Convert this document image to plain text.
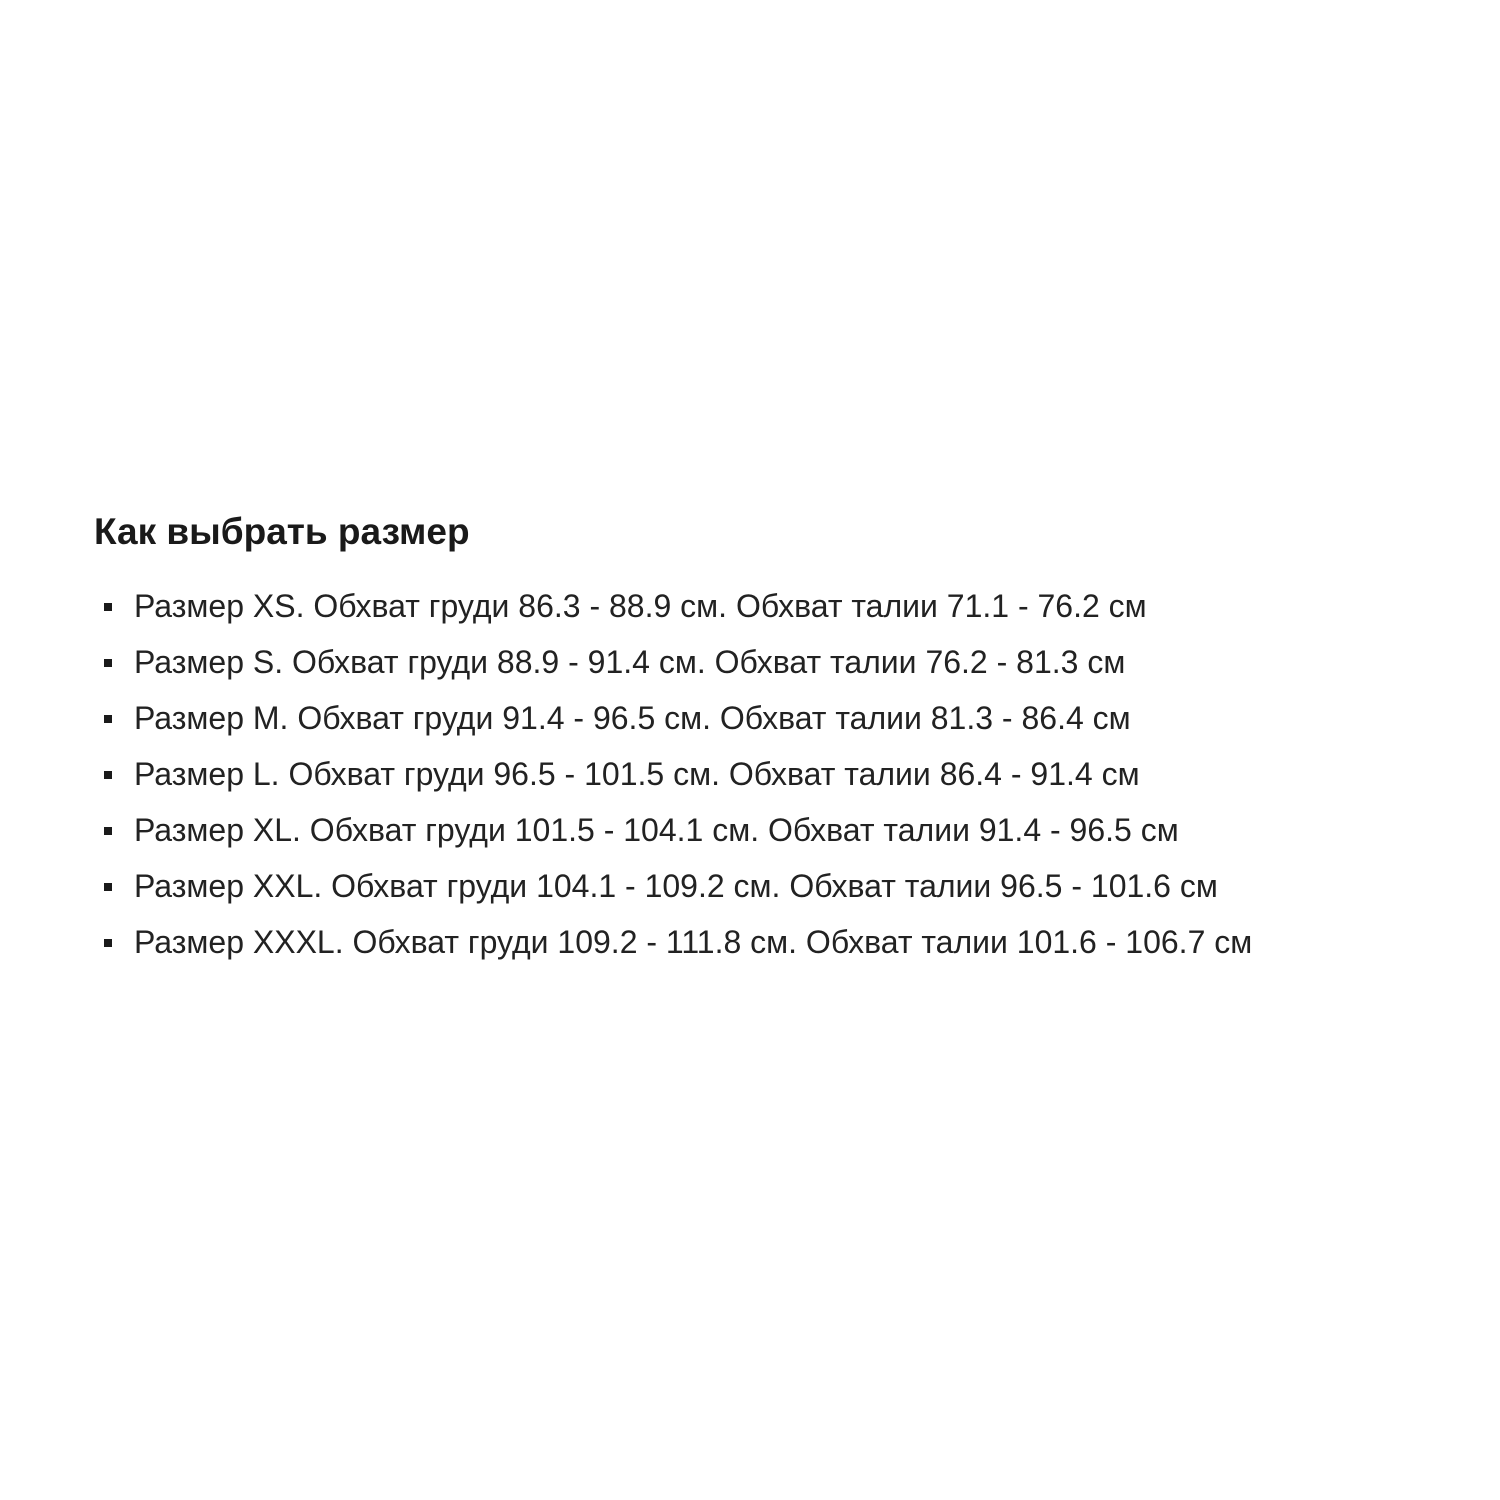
Как выбрать размер
Размер XS. Обхват груди 86.3 - 88.9 см. Обхват талии 71.1 - 76.2 см
Размер S. Обхват груди 88.9 - 91.4 см. Обхват талии 76.2 - 81.3 см
Размер M. Обхват груди 91.4 - 96.5 см. Обхват талии 81.3 - 86.4 см
Размер L. Обхват груди 96.5 - 101.5 см. Обхват талии 86.4 - 91.4 см
Размер XL. Обхват груди 101.5 - 104.1 см. Обхват талии 91.4 - 96.5 см
Размер XXL. Обхват груди 104.1 - 109.2 см. Обхват талии 96.5 - 101.6 см
Размер XXXL. Обхват груди 109.2 - 111.8 см. Обхват талии 101.6 - 106.7 см
